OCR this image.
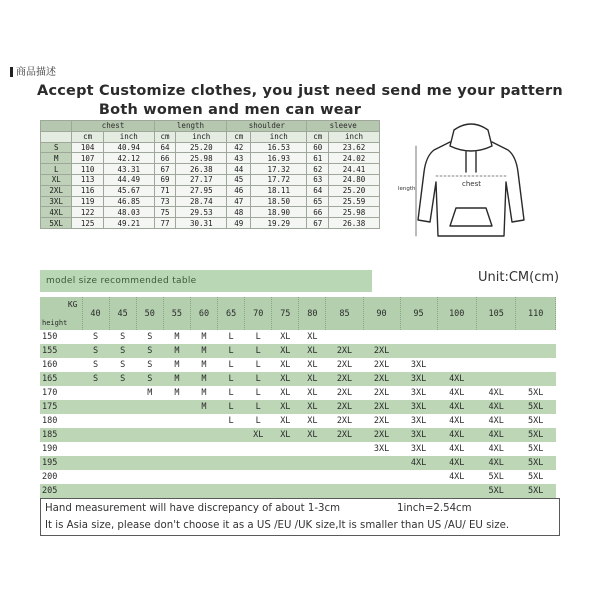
商品描述
Accept Customize clothes, you just need send me your pattern
Both women and men can wear
	chest		length		shoulder		sleeve	
	cm	inch	cm	inch	cm	inch	cm	inch
S	104	40.94	64	25.20	42	16.53	60	23.62
M	107	42.12	66	25.98	43	16.93	61	24.02
L	110	43.31	67	26.38	44	17.32	62	24.41
XL	113	44.49	69	27.17	45	17.72	63	24.80
2XL	116	45.67	71	27.95	46	18.11	64	25.20
3XL	119	46.85	73	28.74	47	18.50	65	25.59
4XL	122	48.03	75	29.53	48	18.90	66	25.98
5XL	125	49.21	77	30.31	49	19.29	67	26.38
chest
length
model size recommended table	Unit:CM(cm)
KG
height	40	45	50	55	60	65	70	75	80	85	90	95	100	105	110
150	S	S	S	M	M	L	L	XL	XL						
155	S	S	S	M	M	L	L	XL	XL	2XL	2XL				
160	S	S	S	M	M	L	L	XL	XL	2XL	2XL	3XL			
165	S	S	S	M	M	L	L	XL	XL	2XL	2XL	3XL	4XL		
170			M	M	M	L	L	XL	XL	2XL	2XL	3XL	4XL	4XL	5XL
175					M	L	L	XL	XL	2XL	2XL	3XL	4XL	4XL	5XL
180						L	L	XL	XL	2XL	2XL	3XL	4XL	4XL	5XL
185							XL	XL	XL	2XL	2XL	3XL	4XL	4XL	5XL
190											3XL	3XL	4XL	4XL	5XL
195												4XL	4XL	4XL	5XL
200													4XL	5XL	5XL
205														5XL	5XL
Hand measurement will have discrepancy of about 1-3cm	1inch=2.54cm
It is Asia size, please don't choose it as a US /EU /UK size,It is smaller than US /AU/ EU size.
